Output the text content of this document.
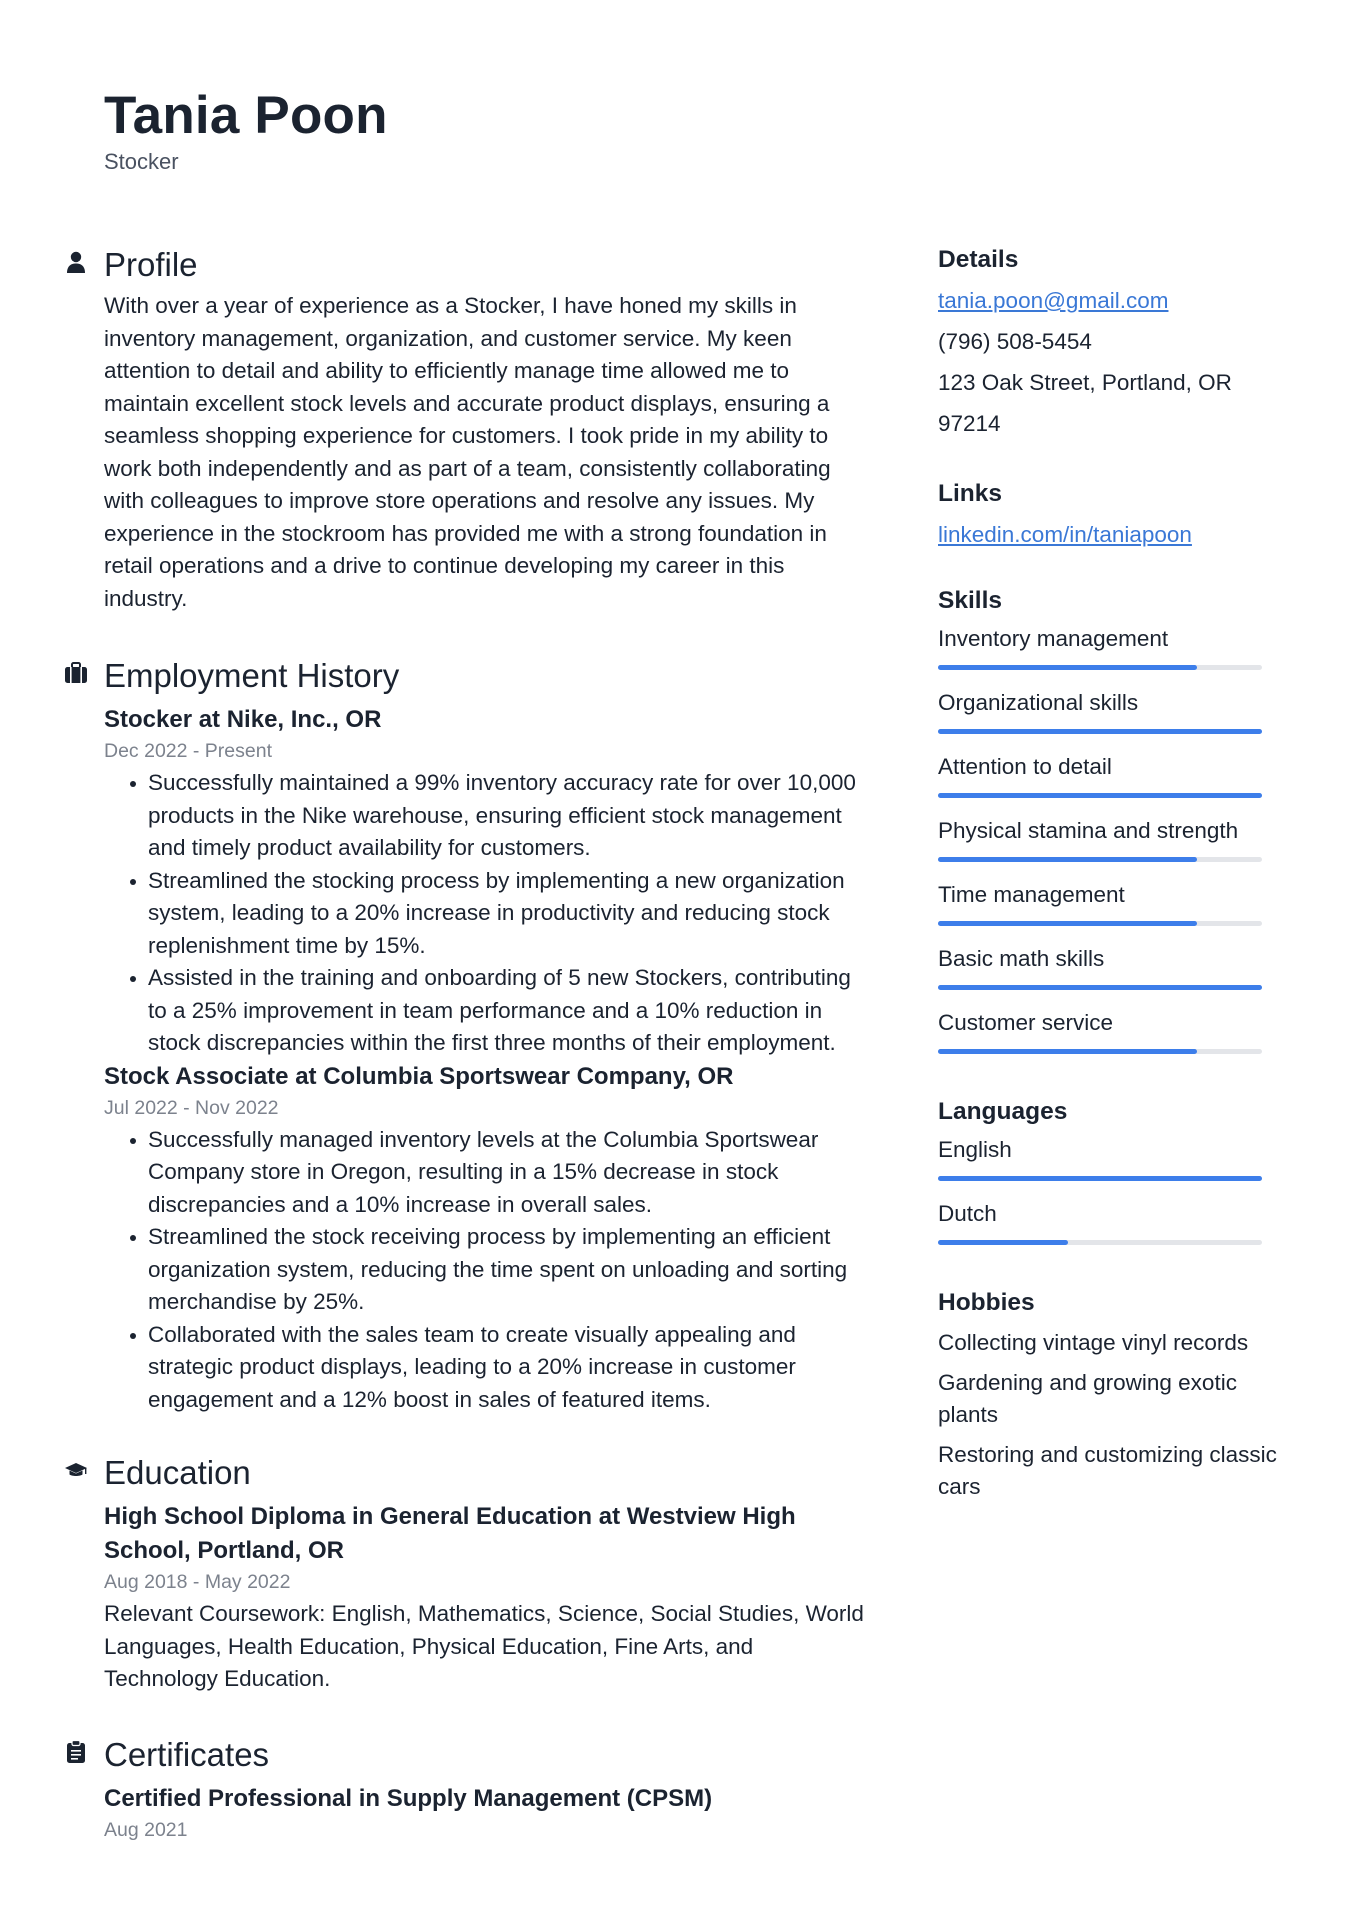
Tania Poon
Stocker
Profile

With over a year of experience as a Stocker, I have honed my skills in inventory management, organization, and customer service. My keen attention to detail and ability to efficiently manage time allowed me to maintain excellent stock levels and accurate product displays, ensuring a seamless shopping experience for customers. I took pride in my ability to work both independently and as part of a team, consistently collaborating with colleagues to improve store operations and resolve any issues. My experience in the stockroom has provided me with a strong foundation in retail operations and a drive to continue developing my career in this industry.

Employment History
Stocker at Nike, Inc., OR
Dec 2022 - Present
Successfully maintained a 99% inventory accuracy rate for over 10,000 products in the Nike warehouse, ensuring efficient stock management and timely product availability for customers.
Streamlined the stocking process by implementing a new organization system, leading to a 20% increase in productivity and reducing stock replenishment time by 15%.
Assisted in the training and onboarding of 5 new Stockers, contributing to a 25% improvement in team performance and a 10% reduction in stock discrepancies within the first three months of their employment.
Stock Associate at Columbia Sportswear Company, OR
Jul 2022 - Nov 2022
Successfully managed inventory levels at the Columbia Sportswear Company store in Oregon, resulting in a 15% decrease in stock discrepancies and a 10% increase in overall sales.
Streamlined the stock receiving process by implementing an efficient organization system, reducing the time spent on unloading and sorting merchandise by 25%.
Collaborated with the sales team to create visually appealing and strategic product displays, leading to a 20% increase in customer engagement and a 12% boost in sales of featured items.
Education
High School Diploma in General Education at Westview High School, Portland, OR
Aug 2018 - May 2022

Relevant Coursework: English, Mathematics, Science, Social Studies, World Languages, Health Education, Physical Education, Fine Arts, and Technology Education.

Certificates
Certified Professional in Supply Management (CPSM)
Aug 2021
Details
tania.poon@gmail.com
(796) 508-5454
123 Oak Street, Portland, OR 97214
Links
linkedin.com/in/taniapoon
Skills
Inventory management
Organizational skills
Attention to detail
Physical stamina and strength
Time management
Basic math skills
Customer service
Languages
English
Dutch
Hobbies
Collecting vintage vinyl records
Gardening and growing exotic plants
Restoring and customizing classic cars
